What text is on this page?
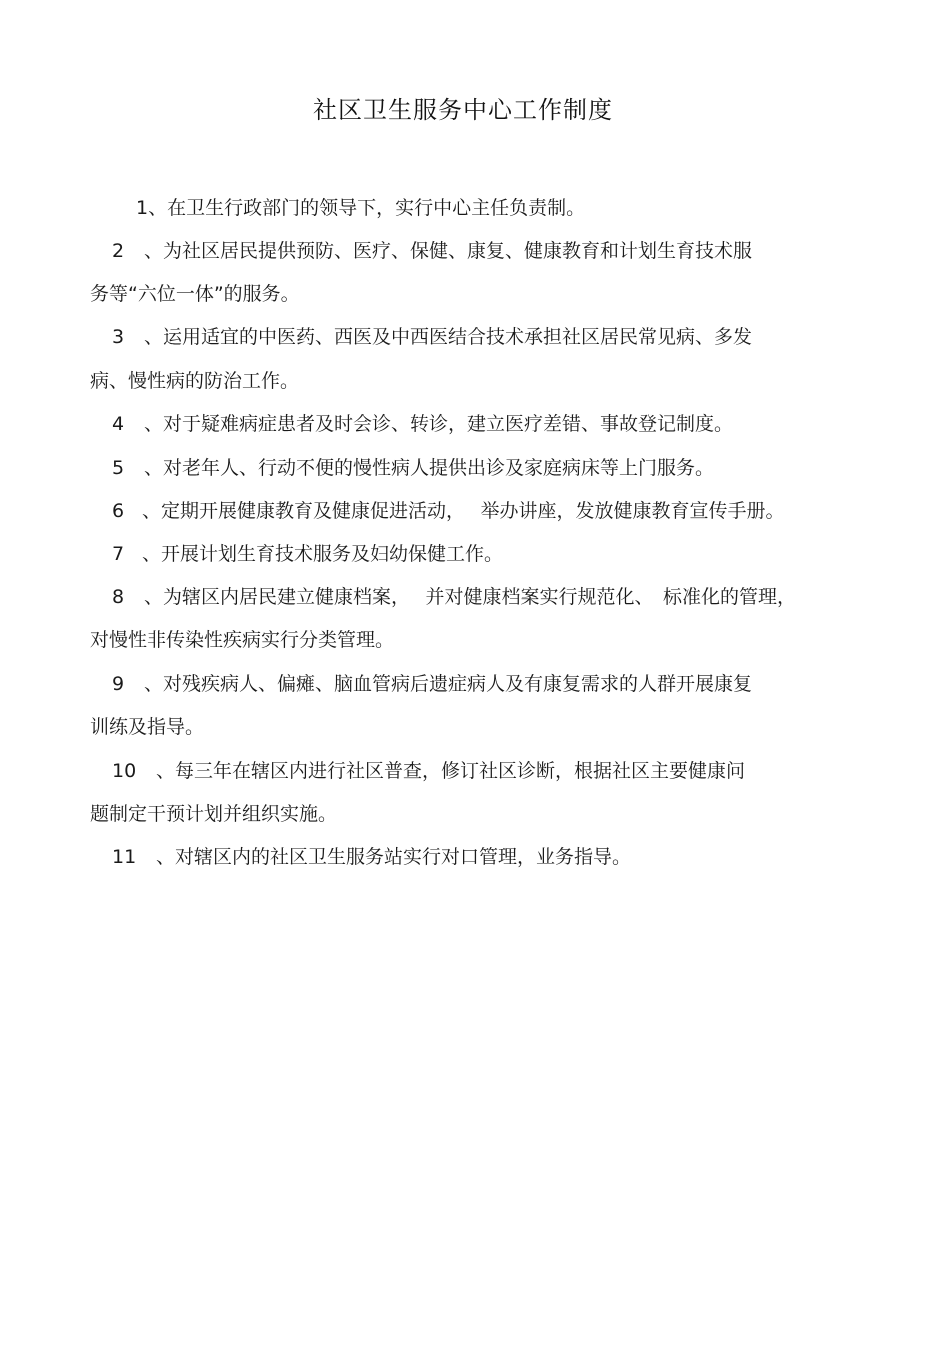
社区卫生服务中心工作制度
1、在卫生行政部门的领导下，实行中心主任负责制。
2 、为社区居民提供预防、医疗、保健、康复、健康教育和计划生育技术服
务等“六位一体”的服务。
3 、运用适宜的中医药、西医及中西医结合技术承担社区居民常见病、多发
病、慢性病的防治工作。
4 、对于疑难病症患者及时会诊、转诊，建立医疗差错、事故登记制度。
5 、对老年人、行动不便的慢性病人提供出诊及家庭病床等上门服务。
6 、定期开展健康教育及健康促进活动，　 举办讲座，发放健康教育宣传手册。
7 、开展计划生育技术服务及妇幼保健工作。
8 、为辖区内居民建立健康档案，　 并对健康档案实行规范化、　标准化的管理，
对慢性非传染性疾病实行分类管理。
9 、对残疾病人、偏瘫、脑血管病后遗症病人及有康复需求的人群开展康复
训练及指导。
10 、每三年在辖区内进行社区普查，修订社区诊断，根据社区主要健康问
题制定干预计划并组织实施。
11 、对辖区内的社区卫生服务站实行对口管理，业务指导。
